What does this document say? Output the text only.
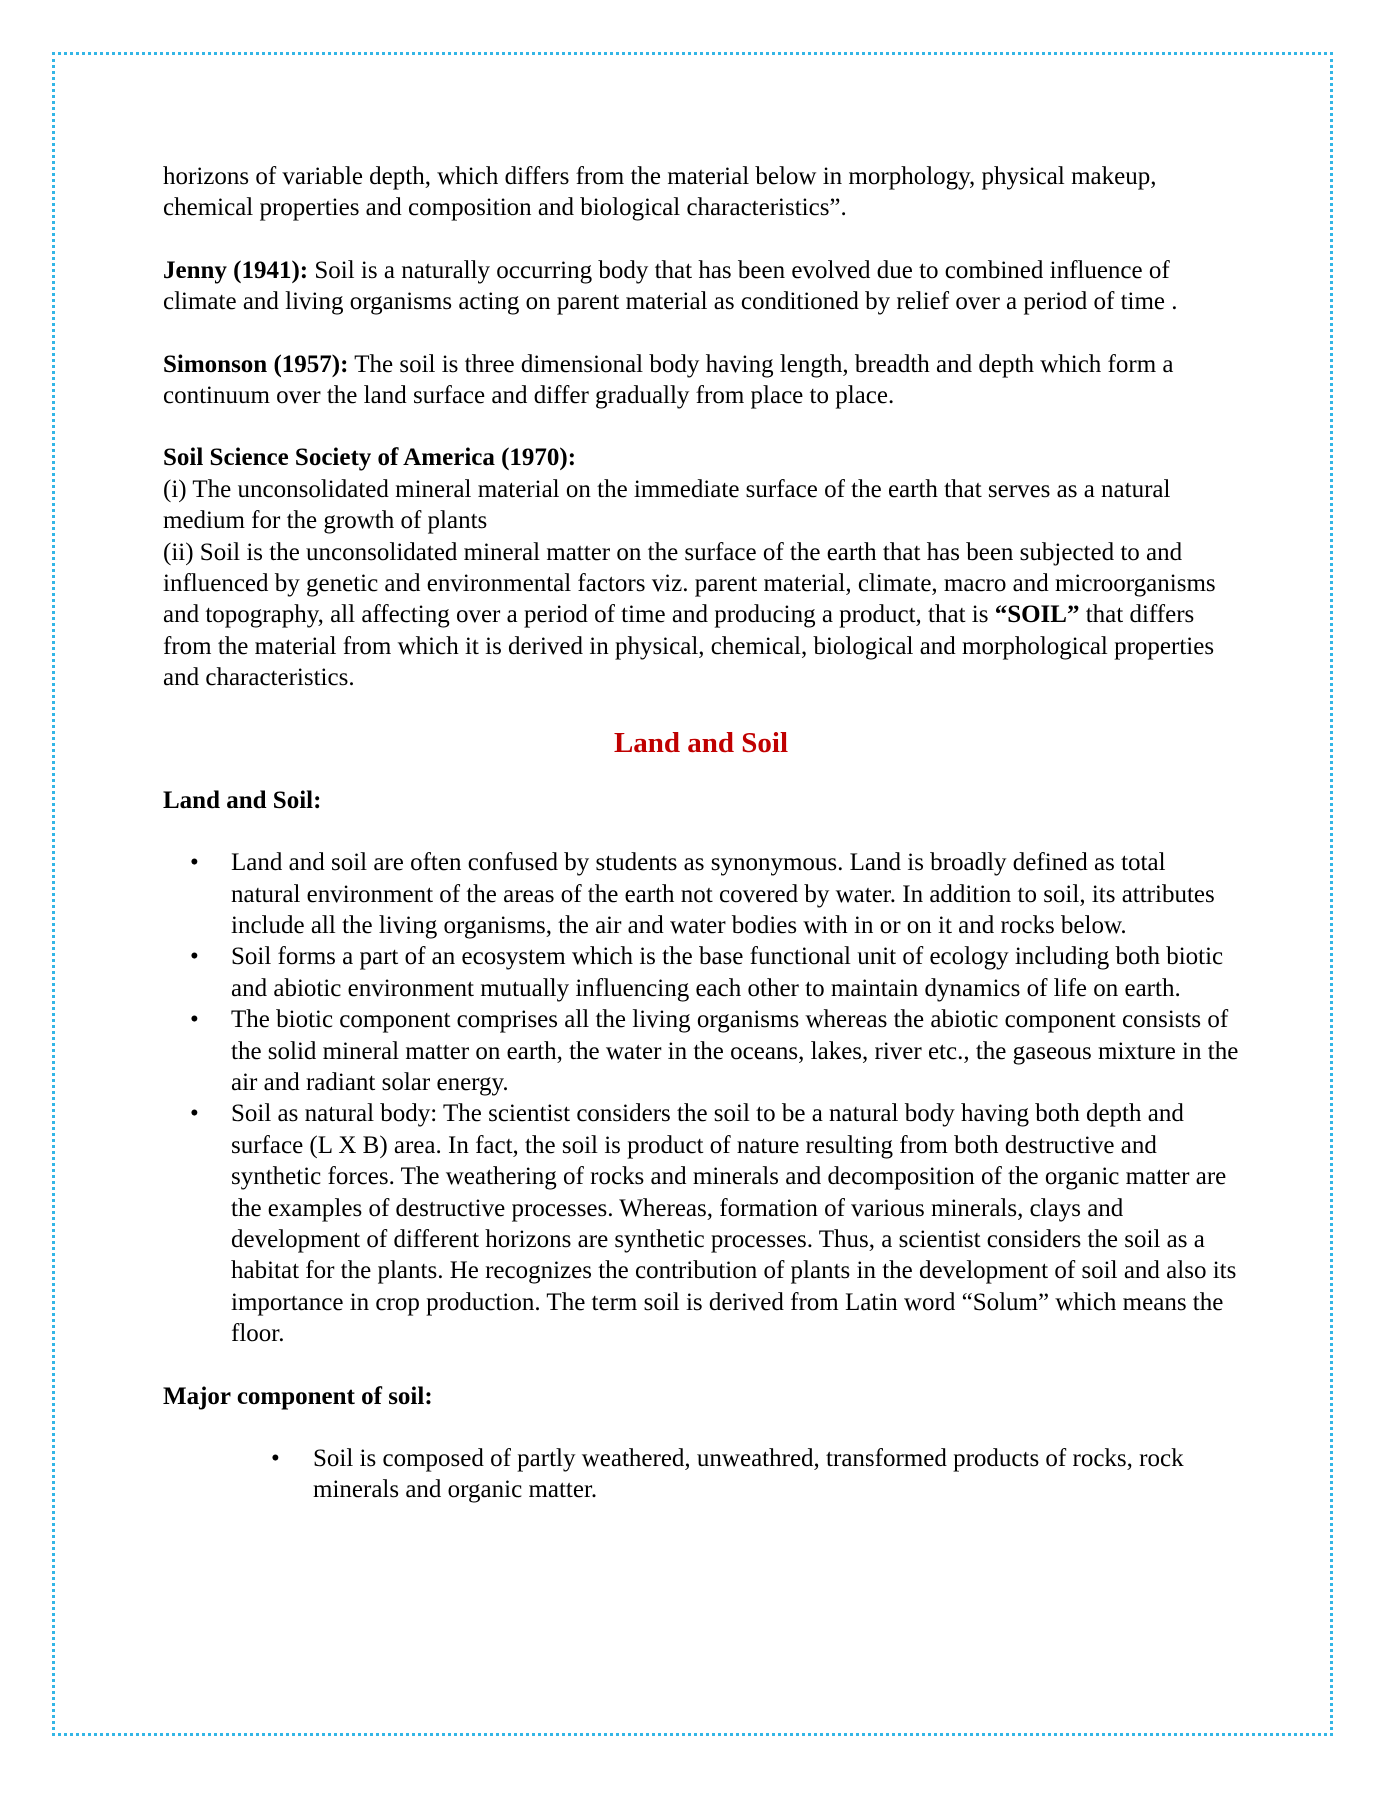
horizons of variable depth, which differs from the material below in morphology, physical makeup, chemical properties and composition and biological characteristics”.

Jenny (1941): Soil is a naturally occurring body that has been evolved due to combined influence of climate and living organisms acting on parent material as conditioned by relief over a period of time .

Simonson (1957): The soil is three dimensional body having length, breadth and depth which form a continuum over the land surface and differ gradually from place to place.

Soil Science Society of America (1970):

(i) The unconsolidated mineral material on the immediate surface of the earth that serves as a natural medium for the growth of plants

(ii) Soil is the unconsolidated mineral matter on the surface of the earth that has been subjected to and influenced by genetic and environmental factors viz. parent material, climate, macro and microorganisms and topography, all affecting over a period of time and producing a product, that is “SOIL” that differs from the material from which it is derived in physical, chemical, biological and morphological properties and characteristics.

Land and Soil
Land and Soil:
• Land and soil are often confused by students as synonymous. Land is broadly defined as total natural environment of the areas of the earth not covered by water. In addition to soil, its attributes include all the living organisms, the air and water bodies with in or on it and rocks below.
• Soil forms a part of an ecosystem which is the base functional unit of ecology including both biotic and abiotic environment mutually influencing each other to maintain dynamics of life on earth.
• The biotic component comprises all the living organisms whereas the abiotic component consists of the solid mineral matter on earth, the water in the oceans, lakes, river etc., the gaseous mixture in the air and radiant solar energy.
• Soil as natural body: The scientist considers the soil to be a natural body having both depth and surface (L X B) area. In fact, the soil is product of nature resulting from both destructive and synthetic forces. The weathering of rocks and minerals and decomposition of the organic matter are the examples of destructive processes. Whereas, formation of various minerals, clays and development of different horizons are synthetic processes. Thus, a scientist considers the soil as a habitat for the plants. He recognizes the contribution of plants in the development of soil and also its importance in crop production. The term soil is derived from Latin word “Solum” which means the floor.
Major component of soil:
• Soil is composed of partly weathered, unweathred, transformed products of rocks, rock minerals and organic matter.
